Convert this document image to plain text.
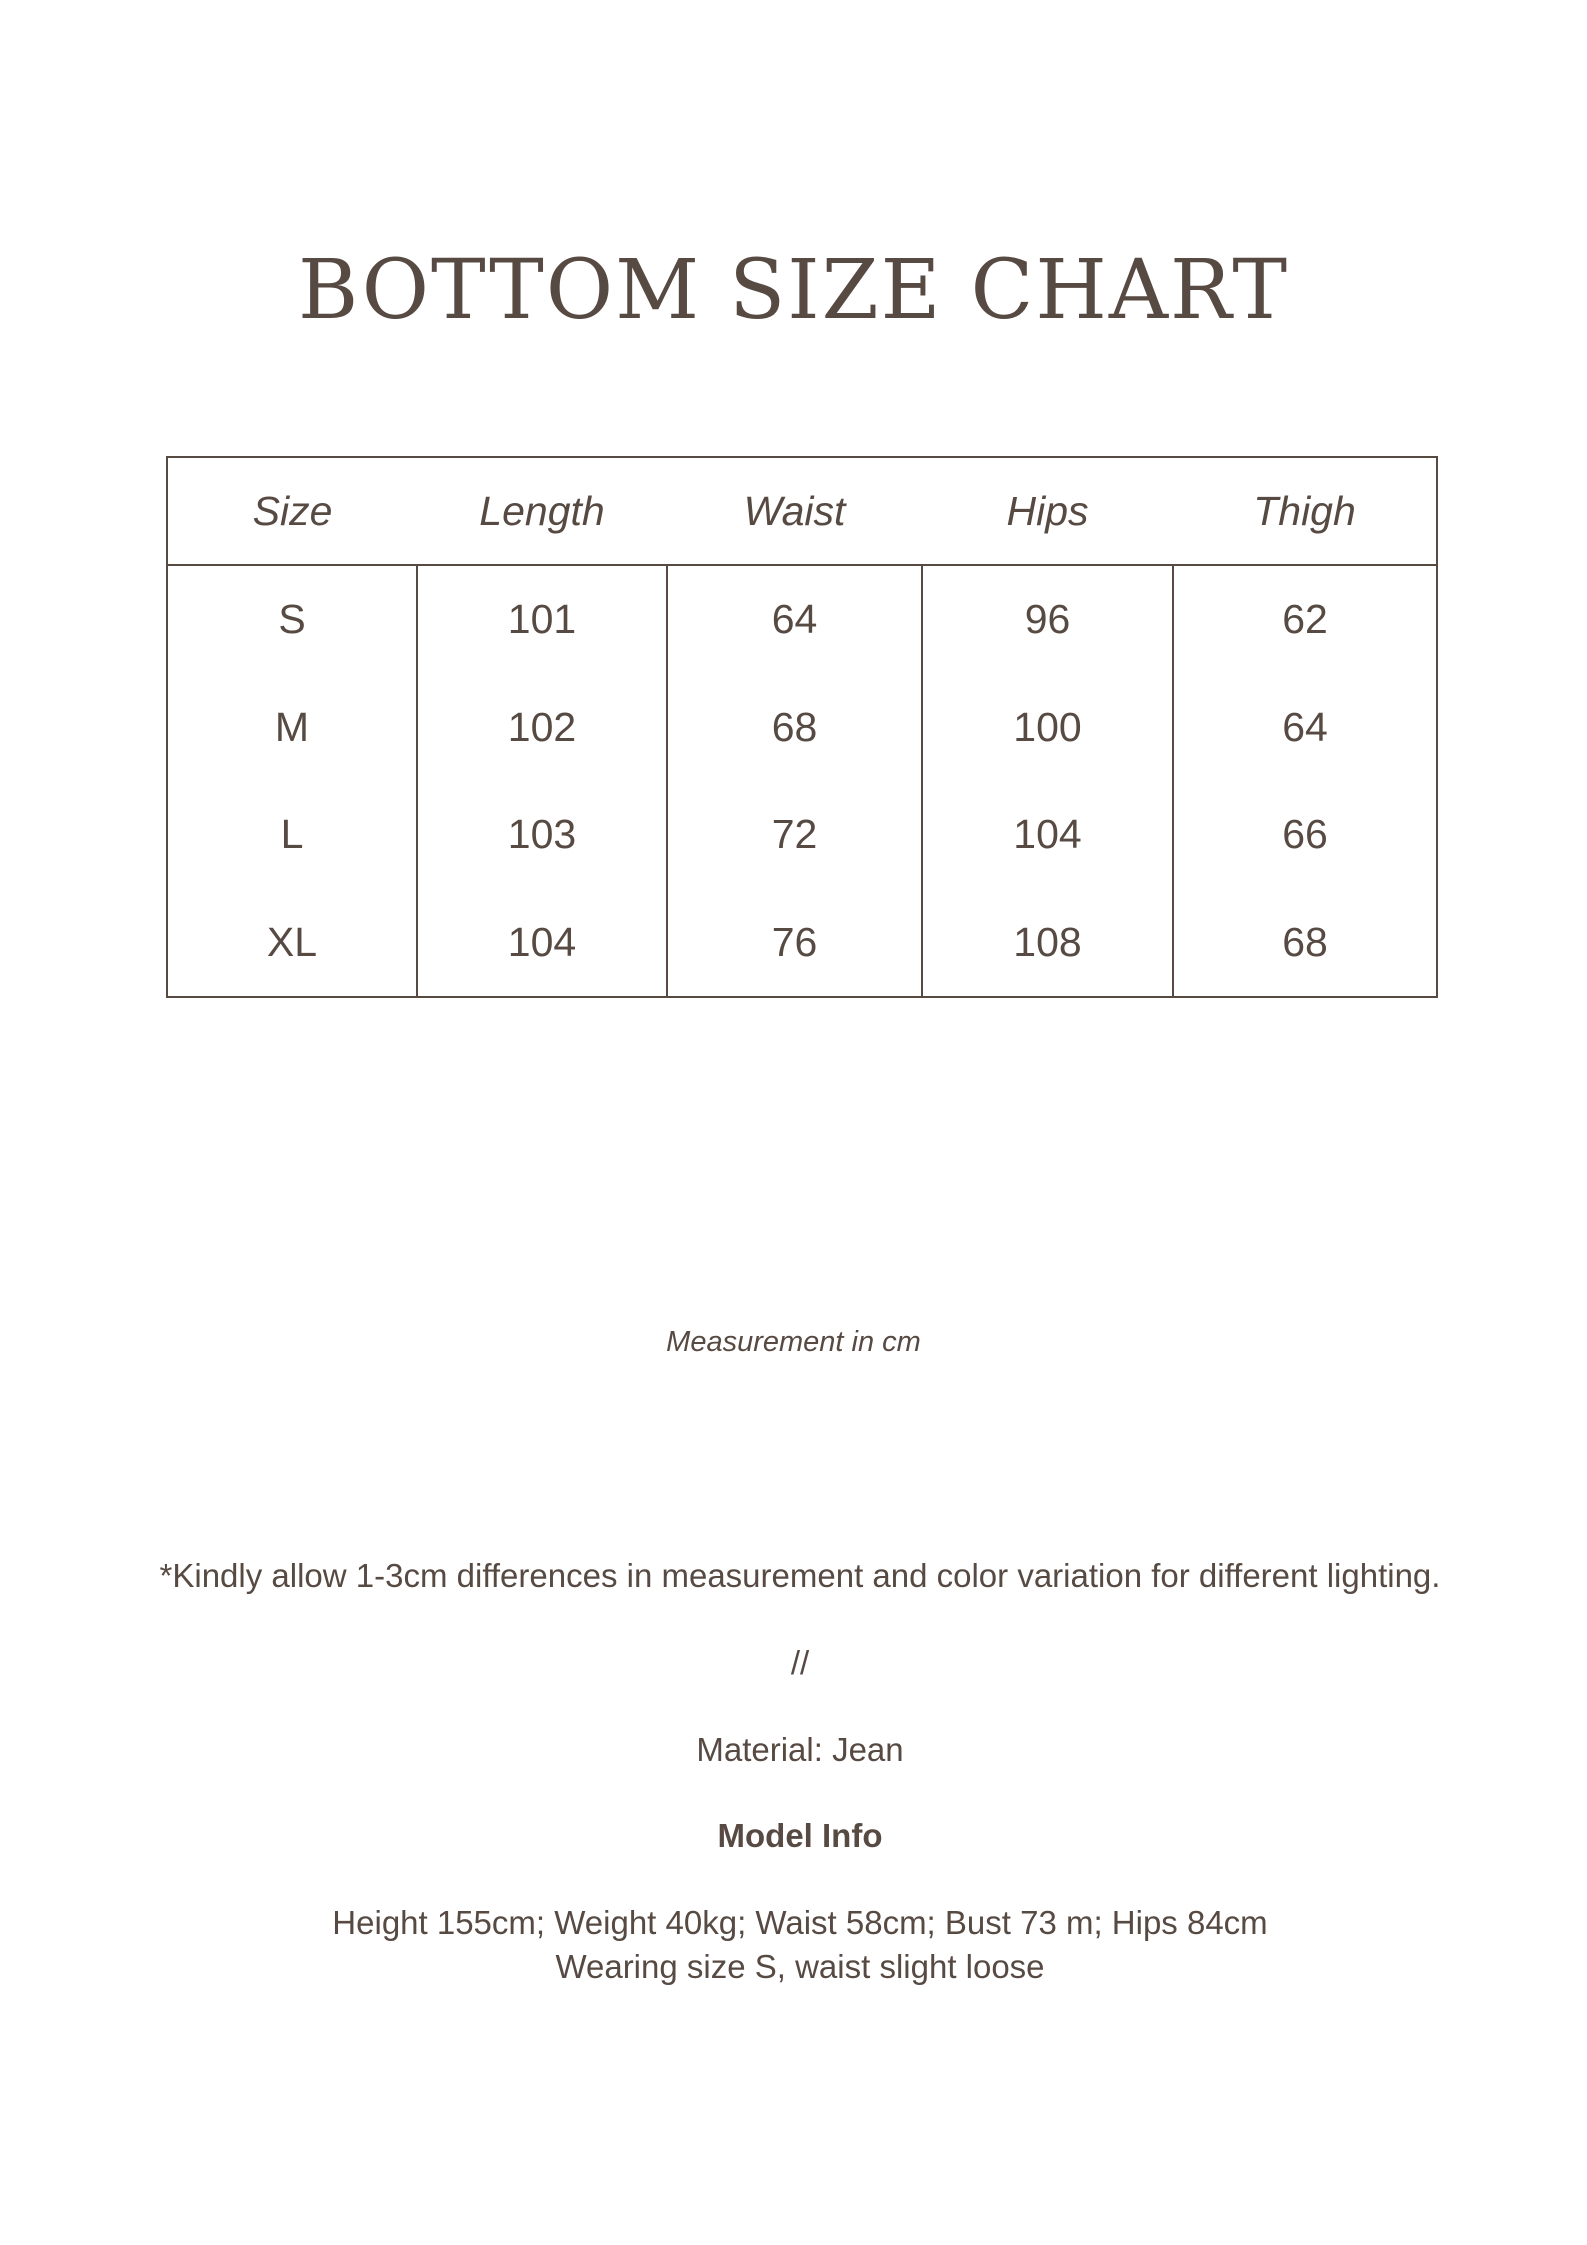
BOTTOM SIZE CHART
Size	Length	Waist	Hips	Thigh
S	101	64	96	62
M	102	68	100	64
L	103	72	104	66
XL	104	76	108	68
Measurement in cm
*Kindly allow 1-3cm differences in measurement and color variation for different lighting.
//
Material: Jean
Model Info
Height 155cm; Weight 40kg; Waist 58cm; Bust 73 m; Hips 84cm
Wearing size S, waist slight loose
